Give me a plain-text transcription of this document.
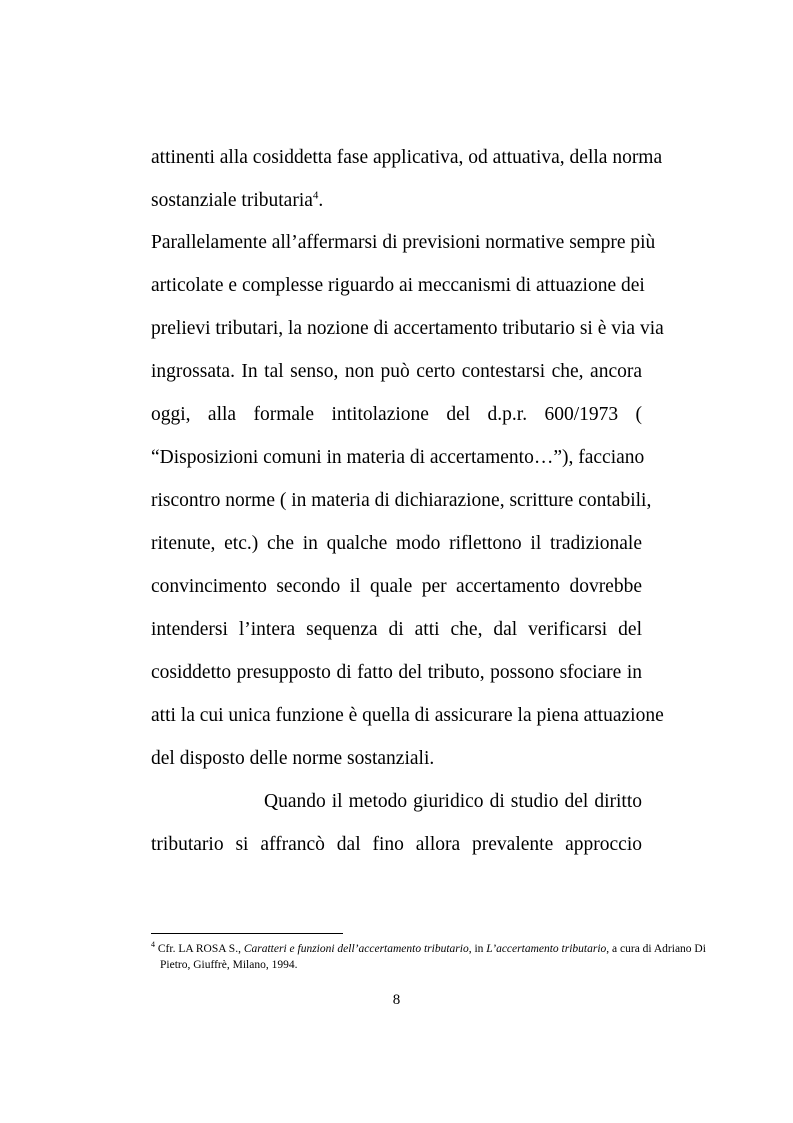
attinenti alla cosiddetta fase applicativa, od attuativa, della norma
sostanziale tributaria$^4$.
Parallelamente all’affermarsi di previsioni normative sempre più
articolate e complesse riguardo ai meccanismi di attuazione dei
prelievi tributari, la nozione di accertamento tributario si è via via
ingrossata. In tal senso, non può certo contestarsi che, ancora
oggi, alla formale intitolazione del d.p.r. 600/1973 (
“Disposizioni comuni in materia di accertamento…”), facciano
riscontro norme ( in materia di dichiarazione, scritture contabili,
ritenute, etc.) che in qualche modo riflettono il tradizionale
convincimento secondo il quale per accertamento dovrebbe
intendersi l’intera sequenza di atti che, dal verificarsi del
cosiddetto presupposto di fatto del tributo, possono sfociare in
atti la cui unica funzione è quella di assicurare la piena attuazione
del disposto delle norme sostanziali.
Quando il metodo giuridico di studio del diritto
tributario si affrancò dal fino allora prevalente approccio
$^4$ Cfr. LA ROSA S., Caratteri e funzioni dell’accertamento tributario, in L’accertamento tributario, a cura di Adriano Di
Pietro, Giuffrè, Milano, 1994.
8
